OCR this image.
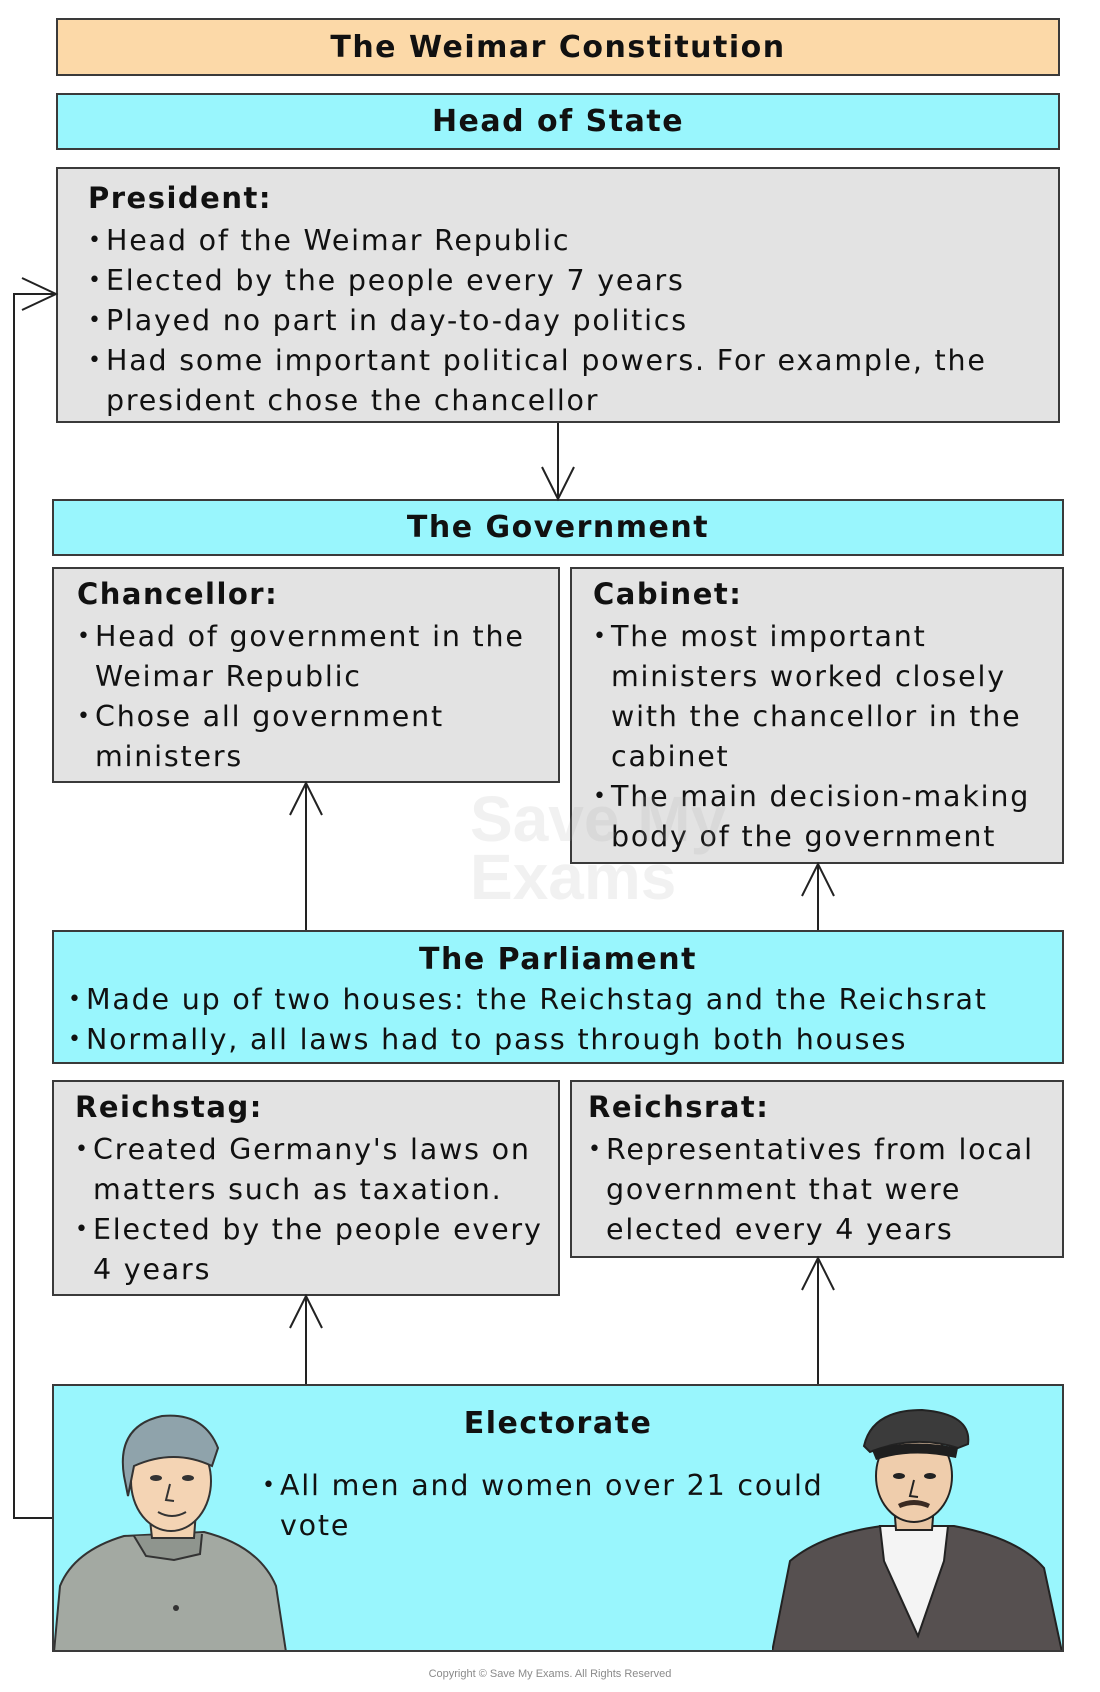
The Weimar Constitution
Head of State
President:
• Head of the Weimar Republic
• Elected by the people every 7 years
• Played no part in day-to-day politics
• Had some important political powers. For example, the president chose the chancellor
The Government
Chancellor:
• Head of government in the Weimar Republic
• Chose all government ministers
Cabinet:
• The most important ministers worked closely with the chancellor in the cabinet
• The main decision-making body of the government
The Parliament
• Made up of two houses: the Reichstag and the Reichsrat
• Normally, all laws had to pass through both houses
Reichstag:
• Created Germany's laws on matters such as taxation.
• Elected by the people every 4 years
Reichsrat:
• Representatives from local government that were elected every 4 years
Electorate
• All men and women over 21 could vote
Save My Exams
Copyright © Save My Exams. All Rights Reserved
